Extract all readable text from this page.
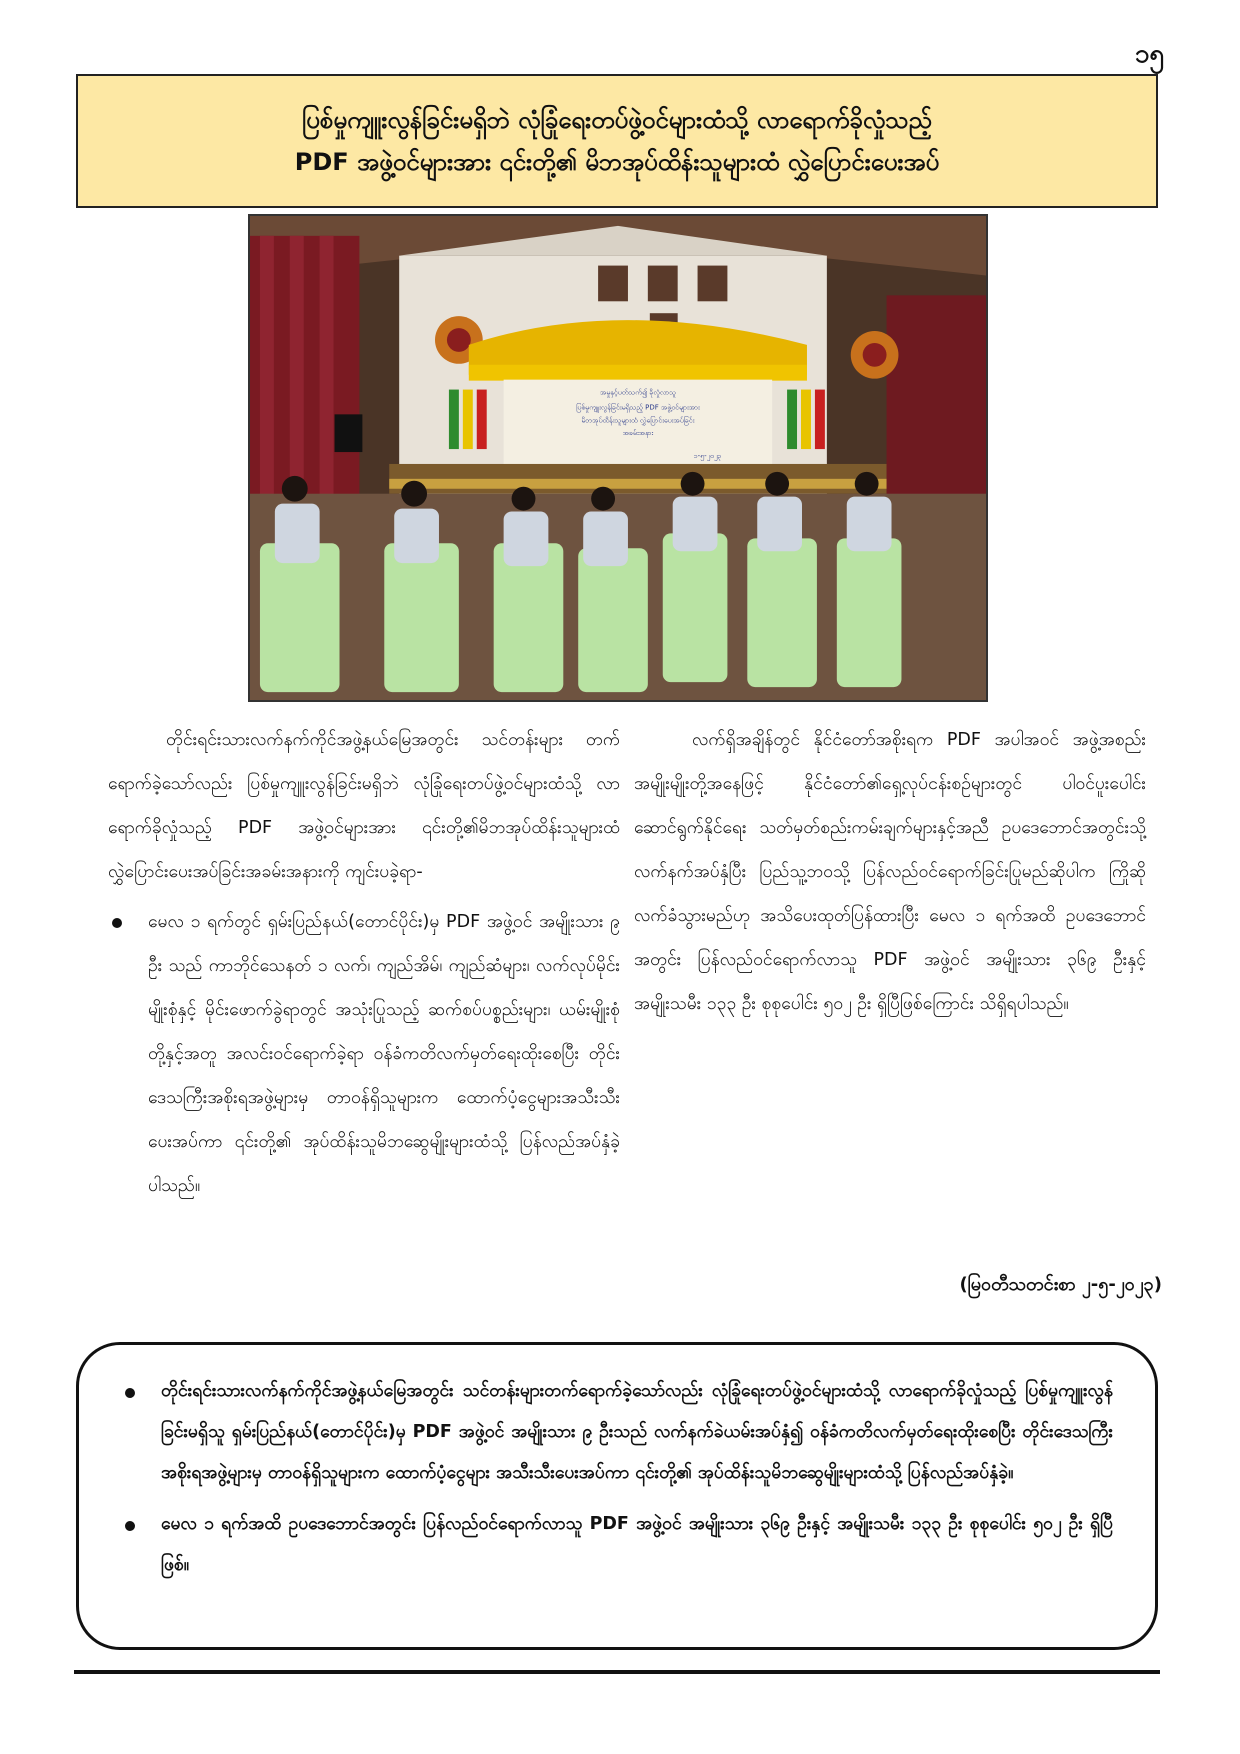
၁၅
ပြစ်မှုကျူးလွန်ခြင်းမရှိဘဲ လုံခြုံရေးတပ်ဖွဲ့ဝင်များထံသို့ လာရောက်ခိုလှုံသည့်
PDF အဖွဲ့ဝင်များအား ၎င်းတို့၏ မိဘအုပ်ထိန်းသူများထံ လွှဲပြောင်းပေးအပ်
အမှုနှင့်ပတ်သက်၍ ခိုလှုံလာသူ
ပြစ်မှုကျူးလွန်ခြင်းမရှိသည့် PDF အဖွဲ့ဝင်များအား
မိဘအုပ်ထိန်းသူများထံ လွှဲပြောင်းပေးအပ်ခြင်း
အခမ်းအနား
၁-၅-၂၀၂၃

တိုင်းရင်းသားလက်နက်ကိုင်အဖွဲ့နယ်မြေအတွင်း သင်တန်းများ တက်ရောက်ခဲ့သော်လည်း ပြစ်မှုကျူးလွန်ခြင်းမရှိဘဲ လုံခြုံရေးတပ်ဖွဲ့ဝင်များထံသို့ လာရောက်ခိုလှုံသည့် PDF အဖွဲ့ဝင်များအား ၎င်းတို့၏မိဘအုပ်ထိန်းသူများထံ လွှဲပြောင်းပေးအပ်ခြင်းအခမ်းအနားကို ကျင်းပခဲ့ရာ-

မေလ ၁ ရက်တွင် ရှမ်းပြည်နယ်(တောင်ပိုင်း)မှ PDF အဖွဲ့ဝင် အမျိုးသား ၉ ဦး သည် ကာဘိုင်သေနတ် ၁ လက်၊ ကျည်အိမ်၊ ကျည်ဆံများ၊ လက်လုပ်မိုင်းမျိုးစုံနှင့် မိုင်းဖောက်ခွဲရာတွင် အသုံးပြုသည့် ဆက်စပ်ပစ္စည်းများ၊ ယမ်းမျိုးစုံတို့နှင့်အတူ အလင်းဝင်ရောက်ခဲ့ရာ ဝန်ခံကတိလက်မှတ်ရေးထိုးစေပြီး တိုင်းဒေသကြီးအစိုးရအဖွဲ့များမှ တာဝန်ရှိသူများက ထောက်ပံ့ငွေများအသီးသီးပေးအပ်ကာ ၎င်းတို့၏ အုပ်ထိန်းသူမိဘဆွေမျိုးများထံသို့ ပြန်လည်အပ်နှံခဲ့ပါသည်။

လက်ရှိအချိန်တွင် နိုင်ငံတော်အစိုးရက PDF အပါအဝင် အဖွဲ့အစည်းအမျိုးမျိုးတို့အနေဖြင့် နိုင်ငံတော်၏ရှေ့လုပ်ငန်းစဉ်များတွင် ပါဝင်ပူးပေါင်းဆောင်ရွက်နိုင်ရေး သတ်မှတ်စည်းကမ်းချက်များနှင့်အညီ ဥပဒေဘောင်အတွင်းသို့ လက်နက်အပ်နှံပြီး ပြည်သူ့ဘဝသို့ ပြန်လည်ဝင်ရောက်ခြင်းပြုမည်ဆိုပါက ကြိုဆိုလက်ခံသွားမည်ဟု အသိပေးထုတ်ပြန်ထားပြီး မေလ ၁ ရက်အထိ ဥပဒေဘောင်အတွင်း ပြန်လည်ဝင်ရောက်လာသူ PDF အဖွဲ့ဝင် အမျိုးသား ၃၆၉ ဦးနှင့် အမျိုးသမီး ၁၃၃ ဦး စုစုပေါင်း ၅၀၂ ဦး ရှိပြီဖြစ်ကြောင်း သိရှိရပါသည်။

(မြဝတီသတင်းစာ ၂-၅-၂၀၂၃)
တိုင်းရင်းသားလက်နက်ကိုင်အဖွဲ့နယ်မြေအတွင်း သင်တန်းများတက်ရောက်ခဲ့သော်လည်း လုံခြုံရေးတပ်ဖွဲ့ဝင်များထံသို့ လာရောက်ခိုလှုံသည့် ပြစ်မှုကျူးလွန်ခြင်းမရှိသူ ရှမ်းပြည်နယ်(တောင်ပိုင်း)မှ PDF အဖွဲ့ဝင် အမျိုးသား ၉ ဦးသည် လက်နက်ခဲယမ်းအပ်နှံ၍ ဝန်ခံကတိလက်မှတ်ရေးထိုးစေပြီး တိုင်းဒေသကြီးအစိုးရအဖွဲ့များမှ တာဝန်ရှိသူများက ထောက်ပံ့ငွေများ အသီးသီးပေးအပ်ကာ ၎င်းတို့၏ အုပ်ထိန်းသူမိဘဆွေမျိုးများထံသို့ ပြန်လည်အပ်နှံခဲ့။
မေလ ၁ ရက်အထိ ဥပဒေဘောင်အတွင်း ပြန်လည်ဝင်ရောက်လာသူ PDF အဖွဲ့ဝင် အမျိုးသား ၃၆၉ ဦးနှင့် အမျိုးသမီး ၁၃၃ ဦး စုစုပေါင်း ၅၀၂ ဦး ရှိပြီဖြစ်။
